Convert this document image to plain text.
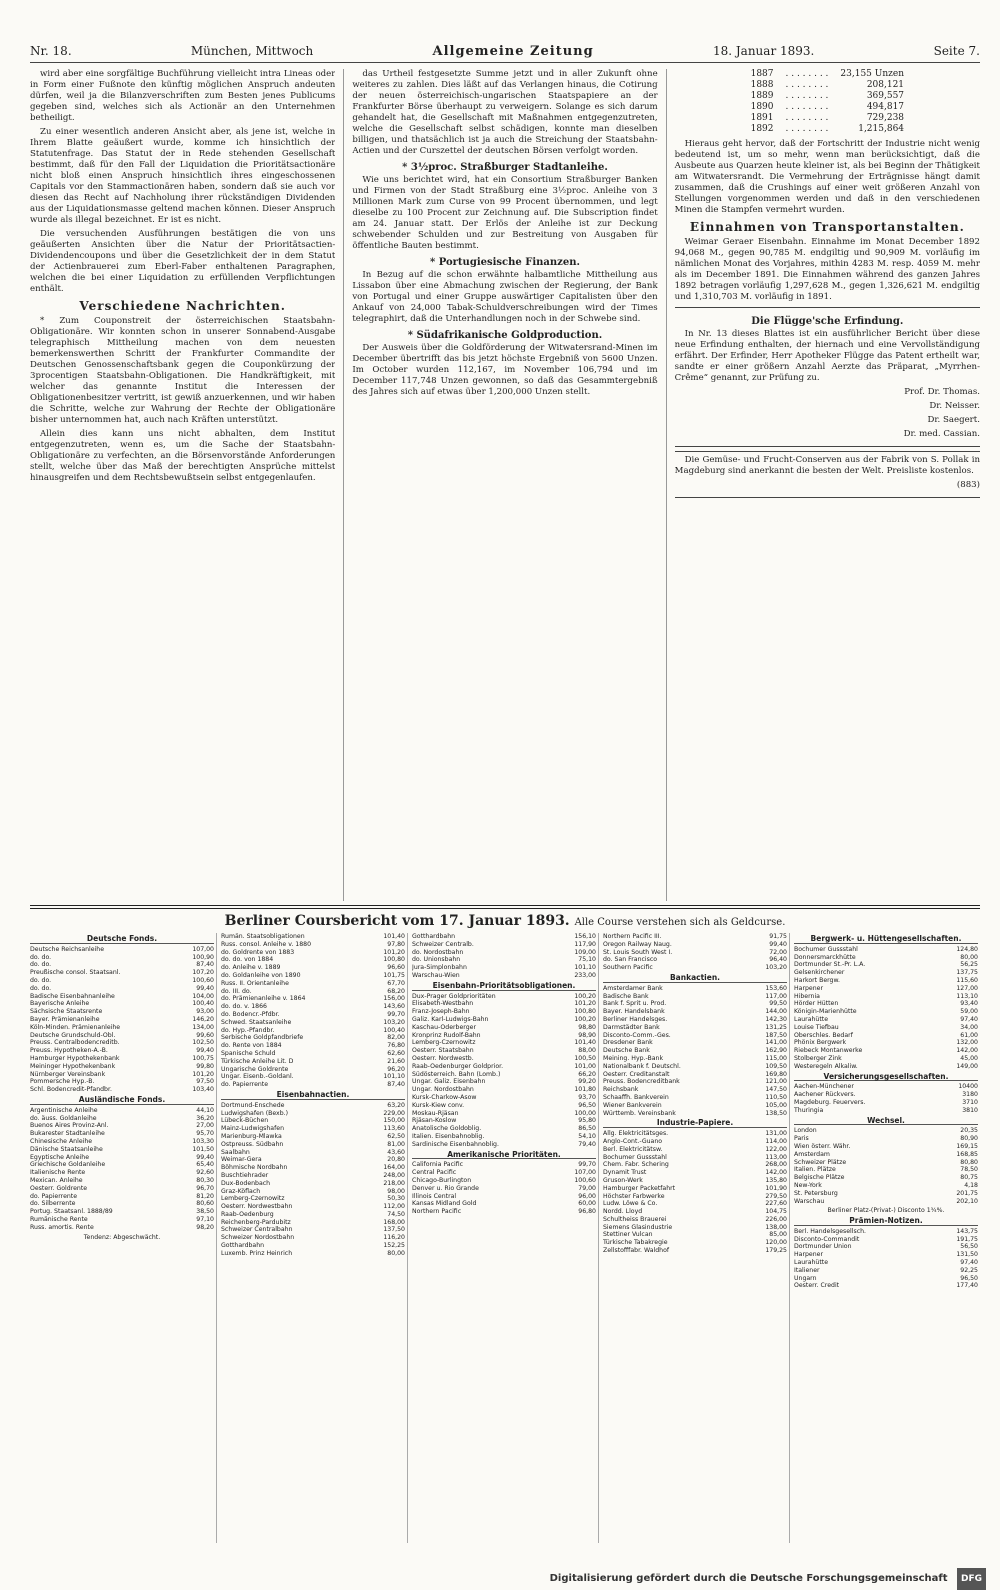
Nr. 18.	München, Mittwoch	Allgemeine Zeitung	18. Januar 1893.	Seite 7.

wird aber eine sorgfältige Buchführung vielleicht intra Lineas oder in Form einer Fußnote den künftig möglichen Anspruch andeuten dürfen, weil ja die Bilanzverschriften zum Besten jenes Publicums gegeben sind, welches sich als Actionär an den Unternehmen betheiligt.

Zu einer wesentlich anderen Ansicht aber, als jene ist, welche in Ihrem Blatte geäußert wurde, komme ich hinsichtlich der Statutenfrage. Das Statut der in Rede stehenden Gesellschaft bestimmt, daß für den Fall der Liquidation die Prioritätsactionäre nicht bloß einen Anspruch hinsichtlich ihres eingeschossenen Capitals vor den Stammactionären haben, sondern daß sie auch vor diesen das Recht auf Nachholung ihrer rückständigen Dividenden aus der Liquidationsmasse geltend machen können. Dieser Anspruch wurde als illegal bezeichnet. Er ist es nicht.

Die versuchenden Ausführungen bestätigen die von uns geäußerten Ansichten über die Natur der Prioritätsactien-Dividendencoupons und über die Gesetzlichkeit der in dem Statut der Actienbrauerei zum Eberl-Faber enthaltenen Paragraphen, welchen die bei einer Liquidation zu erfüllenden Verpflichtungen enthält.

Verschiedene Nachrichten.

* Zum Couponstreit der österreichischen Staatsbahn-Obligationäre. Wir konnten schon in unserer Sonnabend-Ausgabe telegraphisch Mittheilung machen von dem neuesten bemerkenswerthen Schritt der Frankfurter Commandite der Deutschen Genossenschaftsbank gegen die Couponkürzung der 3procentigen Staatsbahn-Obligationen. Die Handkräftigkeit, mit welcher das genannte Institut die Interessen der Obligationenbesitzer vertritt, ist gewiß anzuerkennen, und wir haben die Schritte, welche zur Wahrung der Rechte der Obligationäre bisher unternommen hat, auch nach Kräften unterstützt.

Allein dies kann uns nicht abhalten, dem Institut entgegenzutreten, wenn es, um die Sache der Staatsbahn-Obligationäre zu verfechten, an die Börsenvorstände Anforderungen stellt, welche über das Maß der berechtigten Ansprüche mittelst hinausgreifen und dem Rechtsbewußtsein selbst entgegenlaufen.

das Urtheil festgesetzte Summe jetzt und in aller Zukunft ohne weiteres zu zahlen. Dies läßt auf das Verlangen hinaus, die Cotirung der neuen österreichisch-ungarischen Staatspapiere an der Frankfurter Börse überhaupt zu verweigern. Solange es sich darum gehandelt hat, die Gesellschaft mit Maßnahmen entgegenzutreten, welche die Gesellschaft selbst schädigen, konnte man dieselben billigen, und thatsächlich ist ja auch die Streichung der Staatsbahn-Actien und der Curszettel der deutschen Börsen verfolgt worden.

* 3½proc. Straßburger Stadtanleihe.

Wie uns berichtet wird, hat ein Consortium Straßburger Banken und Firmen von der Stadt Straßburg eine 3½proc. Anleihe von 3 Millionen Mark zum Curse von 99 Procent übernommen, und legt dieselbe zu 100 Procent zur Zeichnung auf. Die Subscription findet am 24. Januar statt. Der Erlös der Anleihe ist zur Deckung schwebender Schulden und zur Bestreitung von Ausgaben für öffentliche Bauten bestimmt.

* Portugiesische Finanzen.

In Bezug auf die schon erwähnte halbamtliche Mittheilung aus Lissabon über eine Abmachung zwischen der Regierung, der Bank von Portugal und einer Gruppe auswärtiger Capitalisten über den Ankauf von 24,000 Tabak-Schuldverschreibungen wird der Times telegraphirt, daß die Unterhandlungen noch in der Schwebe sind.

* Südafrikanische Goldproduction.

Der Ausweis über die Goldförderung der Witwatersrand-Minen im December übertrifft das bis jetzt höchste Ergebniß von 5600 Unzen. Im October wurden 112,167, im November 106,794 und im December 117,748 Unzen gewonnen, so daß das Gesammtergebniß des Jahres sich auf etwas über 1,200,000 Unzen stellt.

1887	. . . . . . . .	23,155 Unzen
1888	. . . . . . . .	208,121
1889	. . . . . . . .	369,557
1890	. . . . . . . .	494,817
1891	. . . . . . . .	729,238
1892	. . . . . . . .	1,215,864

Hieraus geht hervor, daß der Fortschritt der Industrie nicht wenig bedeutend ist, um so mehr, wenn man berücksichtigt, daß die Ausbeute aus Quarzen heute kleiner ist, als bei Beginn der Thätigkeit am Witwatersrandt. Die Vermehrung der Erträgnisse hängt damit zusammen, daß die Crushings auf einer weit größeren Anzahl von Stellungen vorgenommen werden und daß in den verschiedenen Minen die Stampfen vermehrt wurden.

Einnahmen von Transportanstalten.

Weimar Geraer Eisenbahn. Einnahme im Monat December 1892 94,068 M., gegen 90,785 M. endgiltig und 90,909 M. vorläufig im nämlichen Monat des Vorjahres, mithin 4283 M. resp. 4059 M. mehr als im December 1891. Die Einnahmen während des ganzen Jahres 1892 betragen vorläufig 1,297,628 M., gegen 1,326,621 M. endgiltig und 1,310,703 M. vorläufig in 1891.

Die Flügge'sche Erfindung.

In Nr. 13 dieses Blattes ist ein ausführlicher Bericht über diese neue Erfindung enthalten, der hiernach und eine Vervollständigung erfährt. Der Erfinder, Herr Apotheker Flügge das Patent ertheilt war, sandte er einer größern Anzahl Aerzte das Präparat, „Myrrhen-Crême“ genannt, zur Prüfung zu.

Prof. Dr. Thomas.

Dr. Neisser.

Dr. Saegert.

Dr. med. Cassian.

Die Gemüse- und Frucht-Conserven aus der Fabrik von S. Pollak in Magdeburg sind anerkannt die besten der Welt. Preisliste kostenlos.

(883)

Berliner Coursbericht vom 17. Januar 1893. Alle Course verstehen sich als Geldcurse.
Deutsche Fonds.
Deutsche Reichsanleihe	107,00
do. do.	100,90
do. do.	87,40
Preußische consol. Staatsanl.	107,20
do. do.	100,60
do. do.	99,40
Badische Eisenbahnanleihe	104,00
Bayerische Anleihe	100,40
Sächsische Staatsrente	93,00
Bayer. Prämienanleihe	146,20
Köln-Minden. Prämienanleihe	134,00
Deutsche Grundschuld-Obl.	99,60
Preuss. Centralbodencreditb.	102,50
Preuss. Hypotheken-A.-B.	99,40
Hamburger Hypothekenbank	100,75
Meininger Hypothekenbank	99,80
Nürnberger Vereinsbank	101,20
Pommersche Hyp.-B.	97,50
Schl. Bodencredit-Pfandbr.	103,40
Ausländische Fonds.
Argentinische Anleihe	44,10
do. äuss. Goldanleihe	36,20
Buenos Aires Provinz-Anl.	27,00
Bukarester Stadtanleihe	95,70
Chinesische Anleihe	103,30
Dänische Staatsanleihe	101,50
Egyptische Anleihe	99,40
Griechische Goldanleihe	65,40
Italienische Rente	92,60
Mexican. Anleihe	80,30
Oesterr. Goldrente	96,70
do. Papierrente	81,20
do. Silberrente	80,60
Portug. Staatsanl. 1888/89	38,50
Rumänische Rente	97,10
Russ. amortis. Rente	98,20
Tendenz: Abgeschwächt.
Rumän. Staatsobligationen	101,40
Russ. consol. Anleihe v. 1880	97,80
do. Goldrente von 1883	101,20
do. do. von 1884	100,80
do. Anleihe v. 1889	96,60
do. Goldanleihe von 1890	101,75
Russ. II. Orientanleihe	67,70
do. III. do.	68,20
do. Prämienanleihe v. 1864	156,00
do. do. v. 1866	143,60
do. Bodencr.-Pfdbr.	99,70
Schwed. Staatsanleihe	103,20
do. Hyp.-Pfandbr.	100,40
Serbische Goldpfandbriefe	82,00
do. Rente von 1884	76,80
Spanische Schuld	62,60
Türkische Anleihe Lit. D	21,60
Ungarische Goldrente	96,20
Ungar. Eisenb.-Goldanl.	101,10
do. Papierrente	87,40
Eisenbahnactien.
Dortmund-Enschede	63,20
Ludwigshafen (Bexb.)	229,00
Lübeck-Büchen	150,00
Mainz-Ludwigshafen	113,60
Marienburg-Mlawka	62,50
Ostpreuss. Südbahn	81,00
Saalbahn	43,60
Weimar-Gera	20,80
Böhmische Nordbahn	164,00
Buschtiehrader	248,00
Dux-Bodenbach	218,00
Graz-Köflach	98,00
Lemberg-Czernowitz	50,30
Oesterr. Nordwestbahn	112,00
Raab-Oedenburg	74,50
Reichenberg-Pardubitz	168,00
Schweizer Centralbahn	137,50
Schweizer Nordostbahn	116,20
Gotthardbahn	152,25
Luxemb. Prinz Heinrich	80,00
Gotthardbahn	156,10
Schweizer Centralb.	117,90
do. Nordostbahn	109,00
do. Unionsbahn	75,10
Jura-Simplonbahn	101,10
Warschau-Wien	233,00
Eisenbahn-Prioritätsobligationen.
Dux-Prager Goldprioritäten	100,20
Elisabeth-Westbahn	101,20
Franz-Joseph-Bahn	100,80
Galiz. Karl-Ludwigs-Bahn	100,20
Kaschau-Oderberger	98,80
Kronprinz Rudolf-Bahn	98,90
Lemberg-Czernowitz	101,40
Oesterr. Staatsbahn	88,00
Oesterr. Nordwestb.	100,50
Raab-Oedenburger Goldprior.	101,00
Südösterreich. Bahn (Lomb.)	66,20
Ungar. Galiz. Eisenbahn	99,20
Ungar. Nordostbahn	101,80
Kursk-Charkow-Asow	93,70
Kursk-Kiew conv.	96,50
Moskau-Rjäsan	100,00
Rjäsan-Koslow	95,80
Anatolische Goldoblig.	86,50
Italien. Eisenbahnoblig.	54,10
Sardinische Eisenbahnoblig.	79,40
Amerikanische Prioritäten.
California Pacific	99,70
Central Pacific	107,00
Chicago-Burlington	100,60
Denver u. Rio Grande	79,00
Illinois Central	96,00
Kansas Midland Gold	60,00
Northern Pacific	96,80
Northern Pacific III.	91,75
Oregon Railway Naug.	99,40
St. Louis South West I.	72,00
do. San Francisco	96,40
Southern Pacific	103,20
Bankactien.
Amsterdamer Bank	153,60
Badische Bank	117,00
Bank f. Sprit u. Prod.	99,50
Bayer. Handelsbank	144,00
Berliner Handelsges.	142,30
Darmstädter Bank	131,25
Disconto-Comm.-Ges.	187,50
Dresdener Bank	141,00
Deutsche Bank	162,90
Meining. Hyp.-Bank	115,00
Nationalbank f. Deutschl.	109,50
Oesterr. Creditanstalt	169,80
Preuss. Bodencreditbank	121,00
Reichsbank	147,50
Schaaffh. Bankverein	110,50
Wiener Bankverein	105,00
Württemb. Vereinsbank	138,50
Industrie-Papiere.
Allg. Elektricitätsges.	131,00
Anglo-Cont.-Guano	114,00
Berl. Elektricitätsw.	122,00
Bochumer Gussstahl	113,00
Chem. Fabr. Schering	268,00
Dynamit Trust	142,00
Gruson-Werk	135,80
Hamburger Packetfahrt	101,90
Höchster Farbwerke	279,50
Ludw. Löwe & Co.	227,60
Nordd. Lloyd	104,75
Schultheiss Brauerei	226,00
Siemens Glasindustrie	138,00
Stettiner Vulcan	85,00
Türkische Tabakregie	120,00
Zellstofffabr. Waldhof	179,25
Bergwerk- u. Hüttengesellschaften.
Bochumer Gussstahl	124,80
Donnersmarckhütte	80,00
Dortmunder St.-Pr. L.A.	56,25
Gelsenkirchener	137,75
Harkort Bergw.	115,60
Harpener	127,00
Hibernia	113,10
Hörder Hütten	93,40
Königin-Marienhütte	59,00
Laurahütte	97,40
Louise Tiefbau	34,00
Oberschles. Bedarf	61,00
Phönix Bergwerk	132,00
Riebeck Montanwerke	142,00
Stolberger Zink	45,00
Westeregeln Alkaliw.	149,00
Versicherungsgesellschaften.
Aachen-Münchener	10400
Aachener Rückvers.	3180
Magdeburg. Feuervers.	3710
Thuringia	3810
Wechsel.
London	20,35
Paris	80,90
Wien österr. Währ.	169,15
Amsterdam	168,85
Schweizer Plätze	80,80
Italien. Plätze	78,50
Belgische Plätze	80,75
New-York	4,18
St. Petersburg	201,75
Warschau	202,10
Berliner Platz-(Privat-) Disconto 1¾%.
Prämien-Notizen.
Berl. Handelsgesellsch.	143,75
Disconto-Commandit	191,75
Dortmunder Union	56,50
Harpener	131,50
Laurahütte	97,40
Italiener	92,25
Ungarn	96,50
Oesterr. Credit	177,40
Digitalisierung gefördert durch die Deutsche Forschungsgemeinschaft DFG
